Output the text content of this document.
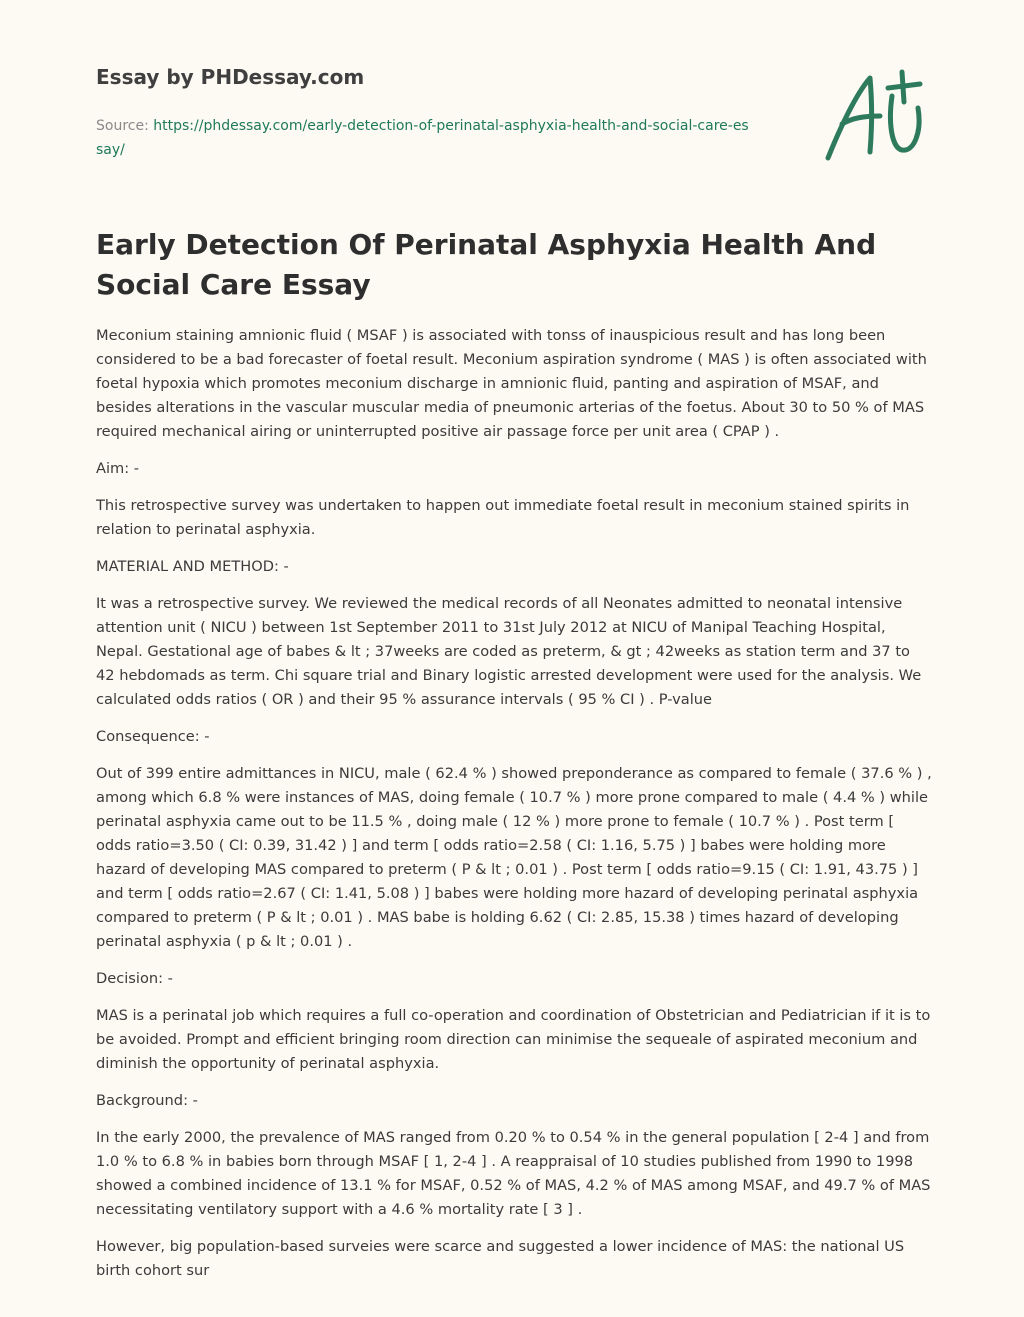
Essay by PHDessay.com
Source: https://phdessay.com/early-detection-of-perinatal-asphyxia-health-and-social-care-essay/
Early Detection Of Perinatal Asphyxia Health And Social Care Essay

Meconium staining amnionic fluid ( MSAF ) is associated with tonss of inauspicious result and has long been considered to be a bad forecaster of foetal result. Meconium aspiration syndrome ( MAS ) is often associated with foetal hypoxia which promotes meconium discharge in amnionic fluid, panting and aspiration of MSAF, and besides alterations in the vascular muscular media of pneumonic arterias of the foetus. About 30 to 50 % of MAS required mechanical airing or uninterrupted positive air passage force per unit area ( CPAP ) .

Aim: -

This retrospective survey was undertaken to happen out immediate foetal result in meconium stained spirits in relation to perinatal asphyxia.

MATERIAL AND METHOD: -

It was a retrospective survey. We reviewed the medical records of all Neonates admitted to neonatal intensive attention unit ( NICU ) between 1st September 2011 to 31st July 2012 at NICU of Manipal Teaching Hospital, Nepal. Gestational age of babes & lt ; 37weeks are coded as preterm, & gt ; 42weeks as station term and 37 to 42 hebdomads as term. Chi square trial and Binary logistic arrested development were used for the analysis. We calculated odds ratios ( OR ) and their 95 % assurance intervals ( 95 % CI ) . P-value

Consequence: -

Out of 399 entire admittances in NICU, male ( 62.4 % ) showed preponderance as compared to female ( 37.6 % ) , among which 6.8 % were instances of MAS, doing female ( 10.7 % ) more prone compared to male ( 4.4 % ) while perinatal asphyxia came out to be 11.5 % , doing male ( 12 % ) more prone to female ( 10.7 % ) . Post term [ odds ratio=3.50 ( CI: 0.39, 31.42 ) ] and term [ odds ratio=2.58 ( CI: 1.16, 5.75 ) ] babes were holding more hazard of developing MAS compared to preterm ( P & lt ; 0.01 ) . Post term [ odds ratio=9.15 ( CI: 1.91, 43.75 ) ] and term [ odds ratio=2.67 ( CI: 1.41, 5.08 ) ] babes were holding more hazard of developing perinatal asphyxia compared to preterm ( P & lt ; 0.01 ) . MAS babe is holding 6.62 ( CI: 2.85, 15.38 ) times hazard of developing perinatal asphyxia ( p & lt ; 0.01 ) .

Decision: -

MAS is a perinatal job which requires a full co-operation and coordination of Obstetrician and Pediatrician if it is to be avoided. Prompt and efficient bringing room direction can minimise the sequeale of aspirated meconium and diminish the opportunity of perinatal asphyxia.

Background: -

In the early 2000, the prevalence of MAS ranged from 0.20 % to 0.54 % in the general population [ 2-4 ] and from 1.0 % to 6.8 % in babies born through MSAF [ 1, 2-4 ] . A reappraisal of 10 studies published from 1990 to 1998 showed a combined incidence of 13.1 % for MSAF, 0.52 % of MAS, 4.2 % of MAS among MSAF, and 49.7 % of MAS necessitating ventilatory support with a 4.6 % mortality rate [ 3 ] .

However, big population-based surveies were scarce and suggested a lower incidence of MAS: the national US birth cohort sur
